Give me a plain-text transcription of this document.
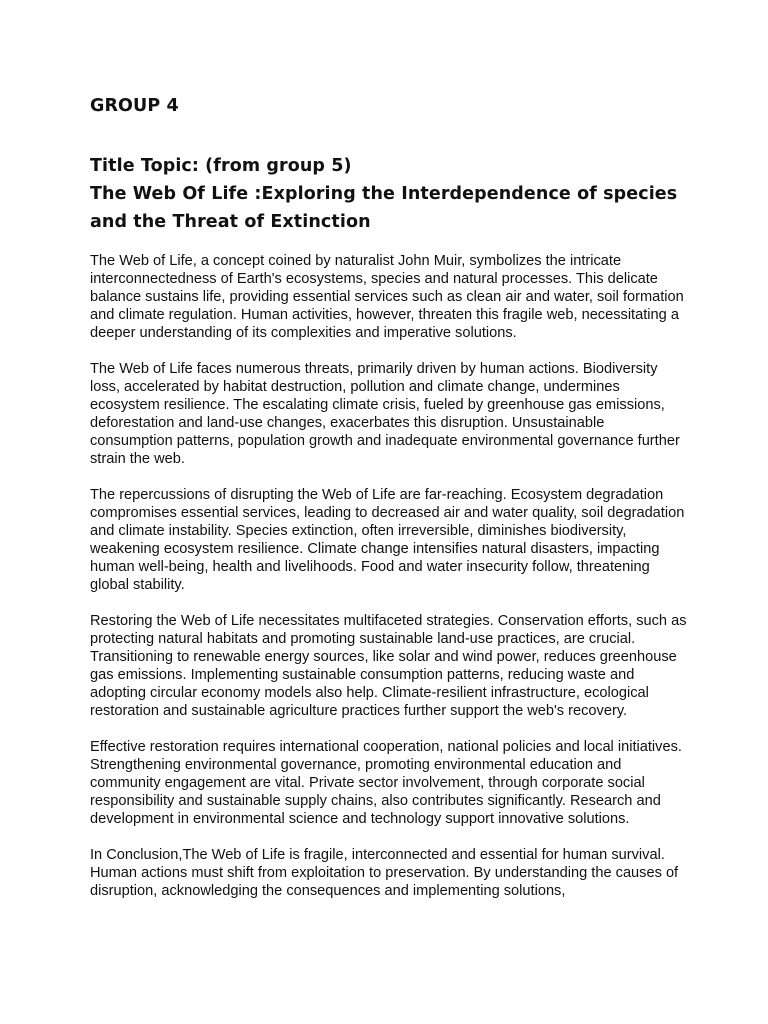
GROUP 4
Title Topic: (from group 5)
The Web Of Life :Exploring the Interdependence of species and the Threat of Extinction

The Web of Life, a concept coined by naturalist John Muir, symbolizes the intricate interconnectedness of Earth's ecosystems, species and natural processes. This delicate balance sustains life, providing essential services such as clean air and water, soil formation and climate regulation. Human activities, however, threaten this fragile web, necessitating a deeper understanding of its complexities and imperative solutions.

The Web of Life faces numerous threats, primarily driven by human actions. Biodiversity loss, accelerated by habitat destruction, pollution and climate change, undermines ecosystem resilience. The escalating climate crisis, fueled by greenhouse gas emissions, deforestation and land-use changes, exacerbates this disruption. Unsustainable consumption patterns, population growth and inadequate environmental governance further strain the web.

The repercussions of disrupting the Web of Life are far-reaching. Ecosystem degradation compromises essential services, leading to decreased air and water quality, soil degradation and climate instability. Species extinction, often irreversible, diminishes biodiversity, weakening ecosystem resilience. Climate change intensifies natural disasters, impacting human well-being, health and livelihoods. Food and water insecurity follow, threatening global stability.

Restoring the Web of Life necessitates multifaceted strategies. Conservation efforts, such as protecting natural habitats and promoting sustainable land-use practices, are crucial. Transitioning to renewable energy sources, like solar and wind power, reduces greenhouse gas emissions. Implementing sustainable consumption patterns, reducing waste and adopting circular economy models also help. Climate-resilient infrastructure, ecological restoration and sustainable agriculture practices further support the web's recovery.

Effective restoration requires international cooperation, national policies and local initiatives. Strengthening environmental governance, promoting environmental education and community engagement are vital. Private sector involvement, through corporate social responsibility and sustainable supply chains, also contributes significantly. Research and development in environmental science and technology support innovative solutions.

In Conclusion,The Web of Life is fragile, interconnected and essential for human survival. Human actions must shift from exploitation to preservation. By understanding the causes of disruption, acknowledging the consequences and implementing solutions,
